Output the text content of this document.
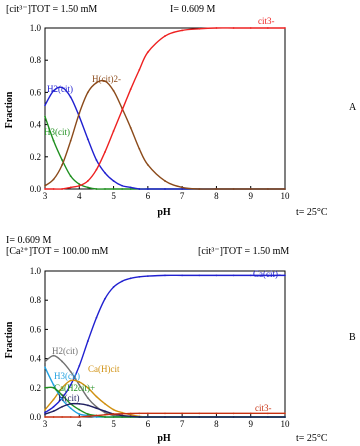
[cit³⁻]TOT = 1.50 mM	I= 0.609 M
A
pH	t= 25°C
Fraction
3	4	5	6	7	8	9	10
0.0
0.2
0.4
0.6
0.8
1.0
H3(cit)
H2(cit)
H(cit)2-
cit3-
I= 0.609 M
[Ca²⁺]TOT = 100.00 mM	[cit³⁻]TOT = 1.50 mM
B
pH	t= 25°C
Fraction
3	4	5	6	7	8	9	10
0.0
0.2
0.4
0.6
0.8
1.0	Ca(cit)-
H2(cit)
Ca(H)cit
H3(cit)
Ca(H2cit)+
H(cit)
cit3-
